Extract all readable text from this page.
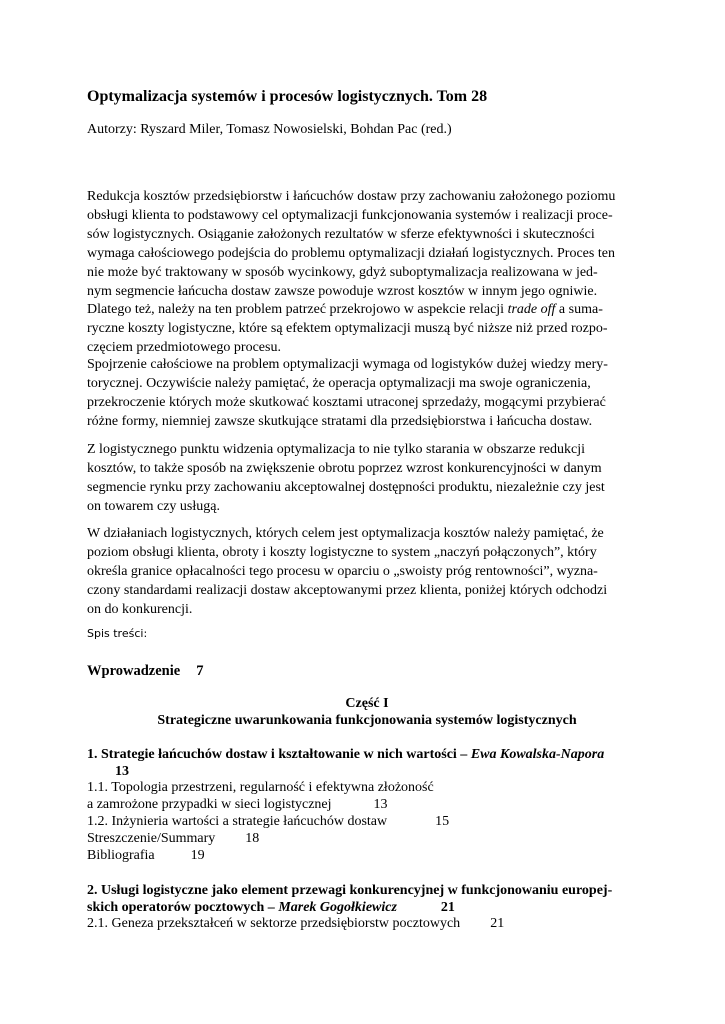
Optymalizacja systemów i procesów logistycznych. Tom 28
Autorzy: Ryszard Miler, Tomasz Nowosielski, Bohdan Pac (red.)
Redukcja kosztów przedsiębiorstw i łańcuchów dostaw przy zachowaniu założonego poziomu
obsługi klienta to podstawowy cel optymalizacji funkcjonowania systemów i realizacji proce-
sów logistycznych. Osiąganie założonych rezultatów w sferze efektywności i skuteczności
wymaga całościowego podejścia do problemu optymalizacji działań logistycznych. Proces ten
nie może być traktowany w sposób wycinkowy, gdyż suboptymalizacja realizowana w jed-
nym segmencie łańcucha dostaw zawsze powoduje wzrost kosztów w innym jego ogniwie.
Dlatego też, należy na ten problem patrzeć przekrojowo w aspekcie relacji trade off a suma-
ryczne koszty logistyczne, które są efektem optymalizacji muszą być niższe niż przed rozpo-
częciem przedmiotowego procesu.
Spojrzenie całościowe na problem optymalizacji wymaga od logistyków dużej wiedzy mery-
torycznej. Oczywiście należy pamiętać, że operacja optymalizacji ma swoje ograniczenia,
przekroczenie których może skutkować kosztami utraconej sprzedaży, mogącymi przybierać
różne formy, niemniej zawsze skutkujące stratami dla przedsiębiorstwa i łańcucha dostaw.
Z logistycznego punktu widzenia optymalizacja to nie tylko starania w obszarze redukcji
kosztów, to także sposób na zwiększenie obrotu poprzez wzrost konkurencyjności w danym
segmencie rynku przy zachowaniu akceptowalnej dostępności produktu, niezależnie czy jest
on towarem czy usługą.
W działaniach logistycznych, których celem jest optymalizacja kosztów należy pamiętać, że
poziom obsługi klienta, obroty i koszty logistyczne to system „naczyń połączonych”, który
określa granice opłacalności tego procesu w oparciu o „swoisty próg rentowności”, wyzna-
czony standardami realizacji dostaw akceptowanymi przez klienta, poniżej których odchodzi
on do konkurencji.
Spis treści:
Wprowadzenie 7
Część I
Strategiczne uwarunkowania funkcjonowania systemów logistycznych
1. Strategie łańcuchów dostaw i kształtowanie w nich wartości – Ewa Kowalska-Napora
13
1.1. Topologia przestrzeni, regularność i efektywna złożoność
a zamrożone przypadki w sieci logistycznej	13
1.2. Inżynieria wartości a strategie łańcuchów dostaw	15
Streszczenie/Summary 18
Bibliografia	19
2. Usługi logistyczne jako element przewagi konkurencyjnej w funkcjonowaniu europej-
skich operatorów pocztowych – Marek Gogołkiewicz	21
2.1. Geneza przekształceń w sektorze przedsiębiorstw pocztowych 21
